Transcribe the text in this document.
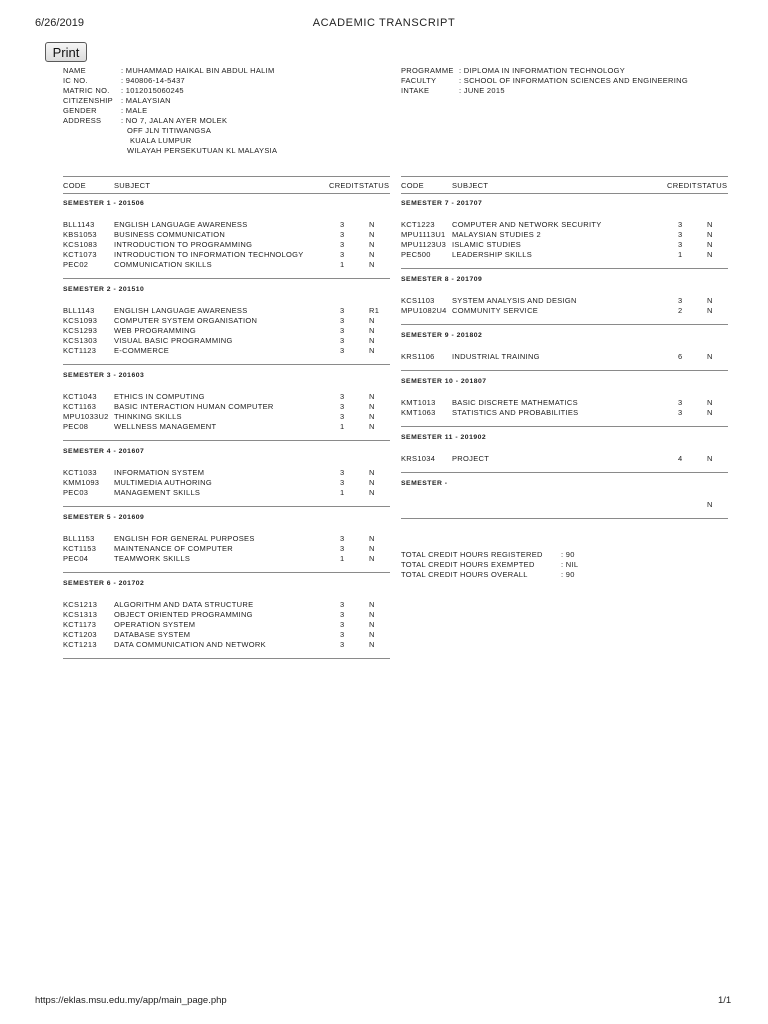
6/26/2019	ACADEMIC TRANSCRIPT
Print
NAME	: MUHAMMAD HAIKAL BIN ABDUL HALIM
IC NO.	: 940806-14-5437
MATRIC NO. : 1012015060245
CITIZENSHIP : MALAYSIAN
GENDER	: MALE
ADDRESS	: NO 7, JALAN AYER MOLEK
OFF JLN TITIWANGSA
KUALA LUMPUR
WILAYAH PERSEKUTUAN KL MALAYSIA
PROGRAMME : DIPLOMA IN INFORMATION TECHNOLOGY
FACULTY	: SCHOOL OF INFORMATION SCIENCES AND ENGINEERING
INTAKE	: JUNE 2015
CODE	SUBJECT	CREDIT STATUS
SEMESTER 1 - 201506
BLL1143	ENGLISH LANGUAGE AWARENESS	3	N
KBS1053 BUSINESS COMMUNICATION	3	N
KCS1083 INTRODUCTION TO PROGRAMMING	3	N
KCT1073 INTRODUCTION TO INFORMATION TECHNOLOGY	3	N
PEC02	COMMUNICATION SKILLS	1	N
SEMESTER 2 - 201510
BLL1143	ENGLISH LANGUAGE AWARENESS	3	R1
KCS1093 COMPUTER SYSTEM ORGANISATION	3	N
KCS1293 WEB PROGRAMMING	3	N
KCS1303 VISUAL BASIC PROGRAMMING	3	N
KCT1123 E-COMMERCE	3	N
SEMESTER 3 - 201603
KCT1043 ETHICS IN COMPUTING	3	N
KCT1163 BASIC INTERACTION HUMAN COMPUTER	3	N
MPU1033U2 THINKING SKILLS	3	N
PEC08	WELLNESS MANAGEMENT	1	N
SEMESTER 4 - 201607
KCT1033 INFORMATION SYSTEM	3	N
KMM1093 MULTIMEDIA AUTHORING	3	N
PEC03	MANAGEMENT SKILLS	1	N
SEMESTER 5 - 201609
BLL1153	ENGLISH FOR GENERAL PURPOSES	3	N
KCT1153 MAINTENANCE OF COMPUTER	3	N
PEC04	TEAMWORK SKILLS	1	N
SEMESTER 6 - 201702
KCS1213 ALGORITHM AND DATA STRUCTURE	3	N
KCS1313 OBJECT ORIENTED PROGRAMMING	3	N
KCT1173 OPERATION SYSTEM	3	N
KCT1203 DATABASE SYSTEM	3	N
KCT1213 DATA COMMUNICATION AND NETWORK	3	N
CODE	SUBJECT	CREDIT STATUS
TOTAL CREDIT HOURS REGISTERED : 90
TOTAL CREDIT HOURS EXEMPTED	: NIL
TOTAL CREDIT HOURS OVERALL	: 90
SEMESTER 7 - 201707
KCT1223 COMPUTER AND NETWORK SECURITY	3	N
MPU1113U1 MALAYSIAN STUDIES 2	3	N
MPU1123U3 ISLAMIC STUDIES	3	N
PEC500	LEADERSHIP SKILLS	1	N
SEMESTER 8 - 201709
KCS1103 SYSTEM ANALYSIS AND DESIGN	3	N
MPU1082U4 COMMUNITY SERVICE	2	N
SEMESTER 9 - 201802
KRS1106 INDUSTRIAL TRAINING	6	N
SEMESTER 10 - 201807
KMT1013 BASIC DISCRETE MATHEMATICS	3	N
KMT1063 STATISTICS AND PROBABILITIES	3	N
SEMESTER 11 - 201902
KRS1034 PROJECT	4	N
SEMESTER -
N
https://eklas.msu.edu.my/app/main_page.php	1/1
